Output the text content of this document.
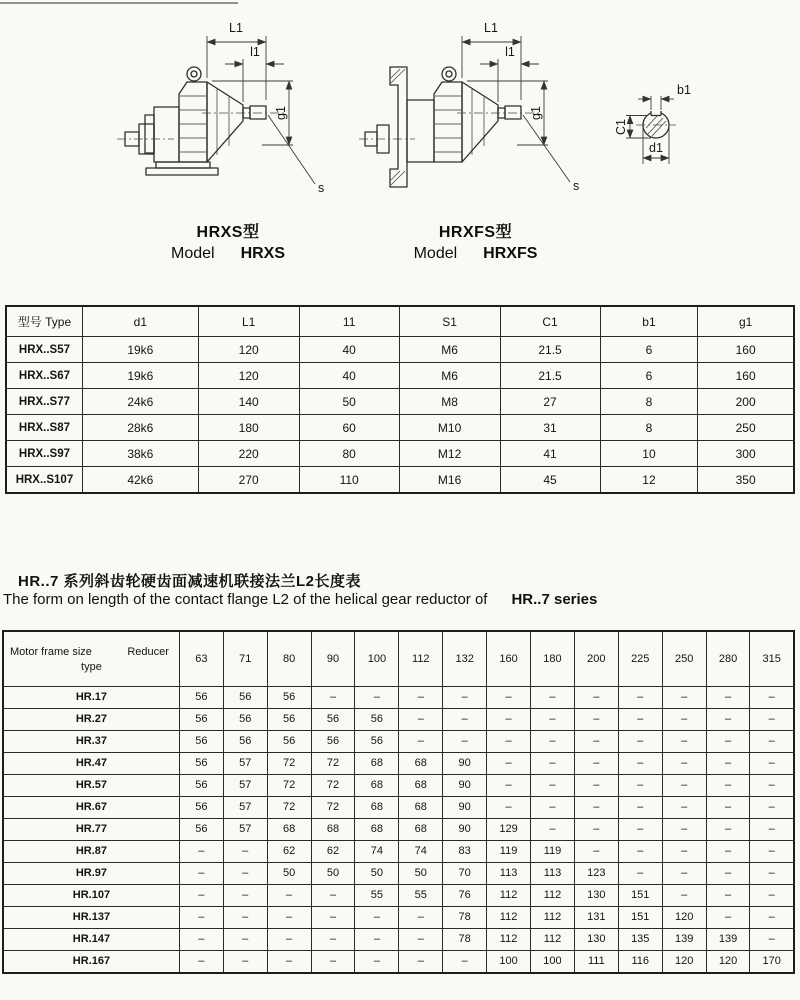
L1
l1
g1
s
HRXS型
Model HRXS
L1
l1
g1
s
HRXFS型
Model HRXFS
b1
C1
d1
型号 Type	d1	L1	11	S1	C1	b1	g1
HRX..S57	19k6	120	40	M6	21.5	6	160
HRX..S67	19k6	120	40	M6	21.5	6	160
HRX..S77	24k6	140	50	M8	27	8	200
HRX..S87	28k6	180	60	M10	31	8	250
HRX..S97	38k6	220	80	M12	41	10	300
HRX..S107	42k6	270	110	M16	45	12	350
HR..7 系列斜齿轮硬齿面减速机联接法兰L2长度表
The form on length of the contact flange L2 of the helical gear reductor of HR..7 series
Motor frame size Reducer
type	63	71	80	90	100	112	132	160	180	200	225	250	280	315
HR.17	56	56	56	–	–	–	–	–	–	–	–	–	–	–
HR.27	56	56	56	56	56	–	–	–	–	–	–	–	–	–
HR.37	56	56	56	56	56	–	–	–	–	–	–	–	–	–
HR.47	56	57	72	72	68	68	90	–	–	–	–	–	–	–
HR.57	56	57	72	72	68	68	90	–	–	–	–	–	–	–
HR.67	56	57	72	72	68	68	90	–	–	–	–	–	–	–
HR.77	56	57	68	68	68	68	90	129	–	–	–	–	–	–
HR.87	–	–	62	62	74	74	83	119	119	–	–	–	–	–
HR.97	–	–	50	50	50	50	70	113	113	123	–	–	–	–
HR.107	–	–	–	–	55	55	76	112	112	130	151	–	–	–
HR.137	–	–	–	–	–	–	78	112	112	131	151	120	–	–
HR.147	–	–	–	–	–	–	78	112	112	130	135	139	139	–
HR.167	–	–	–	–	–	–	–	100	100	111	116	120	120	170
